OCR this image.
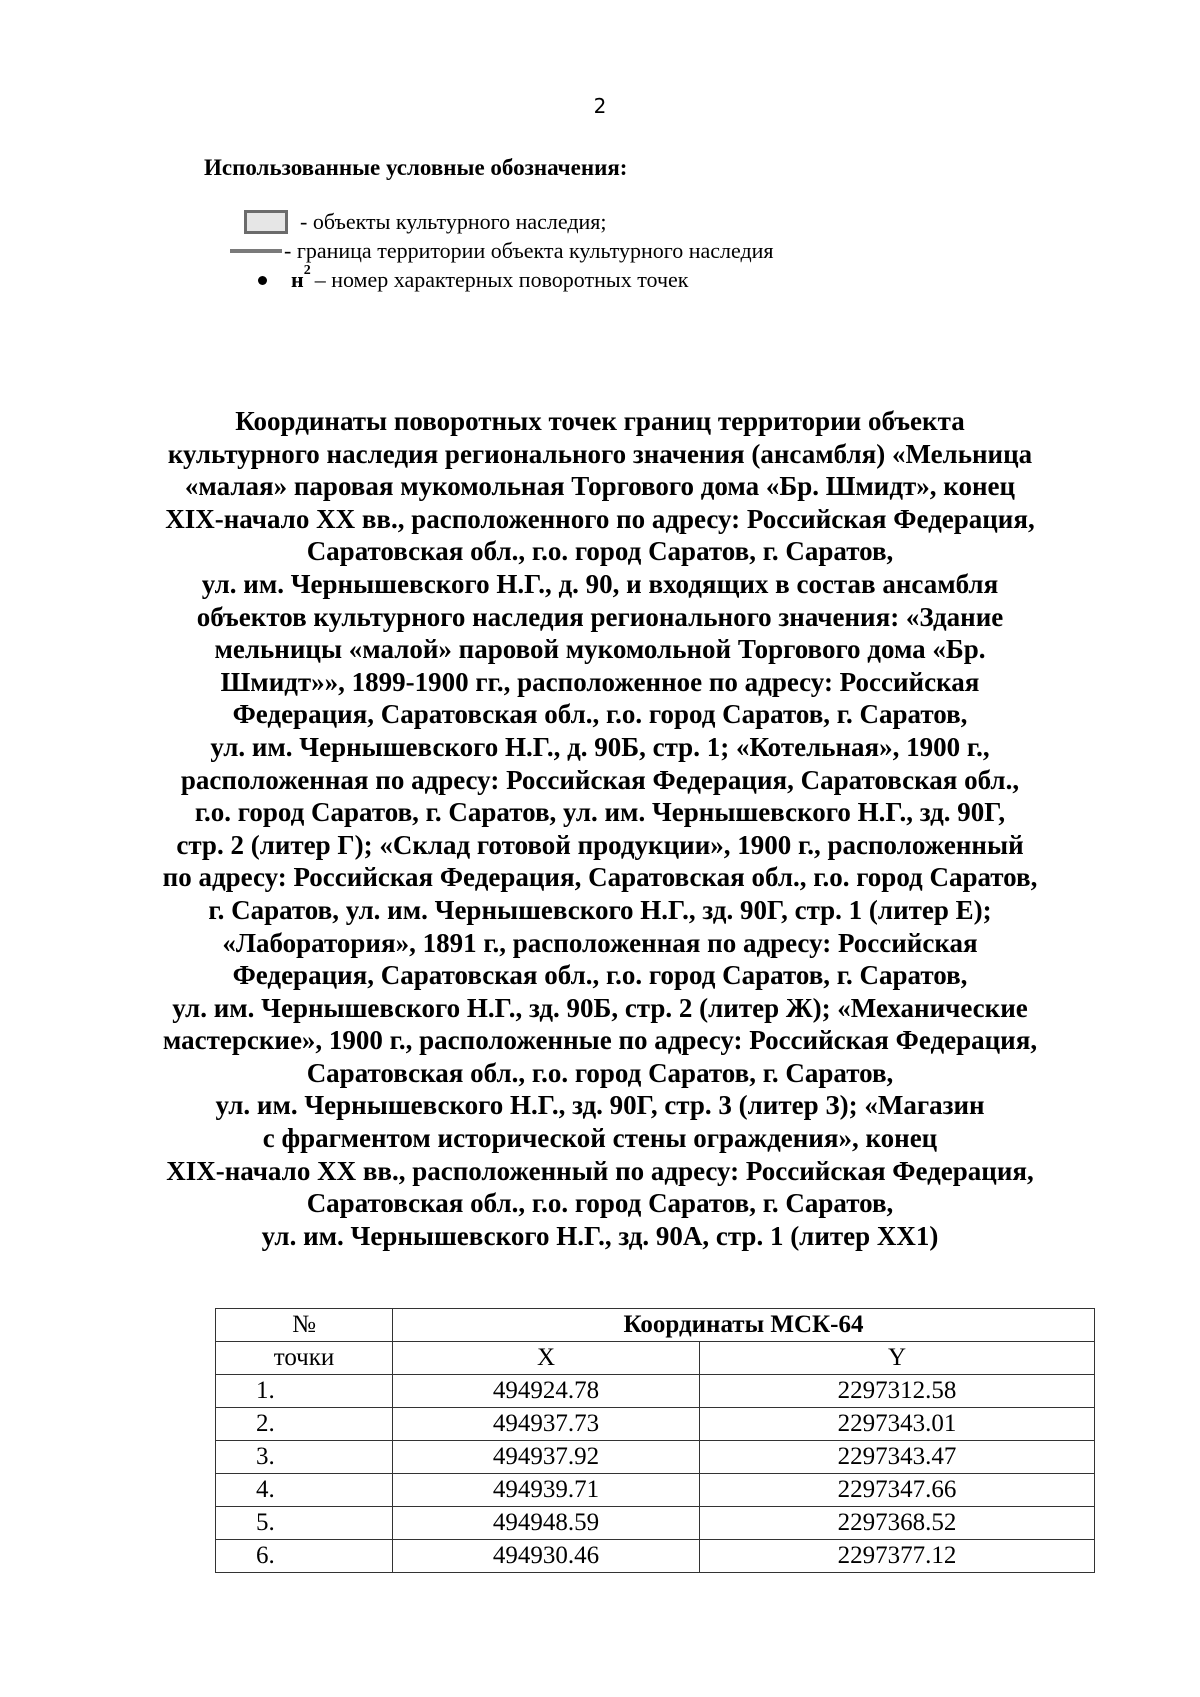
2
Использованные условные обозначения:
- объекты культурного наследия;
- граница территории объекта культурного наследия
$н^2$ – номер характерных поворотных точек
Координаты поворотных точек границ территории объекта
культурного наследия регионального значения (ансамбля) «Мельница
«малая» паровая мукомольная Торгового дома «Бр. Шмидт», конец
XIX-начало XX вв., расположенного по адресу: Российская Федерация,
Саратовская обл., г.о. город Саратов, г. Саратов,
ул. им. Чернышевского Н.Г., д. 90, и входящих в состав ансамбля
объектов культурного наследия регионального значения: «Здание
мельницы «малой» паровой мукомольной Торгового дома «Бр.
Шмидт»», 1899-1900 гг., расположенное по адресу: Российская
Федерация, Саратовская обл., г.о. город Саратов, г. Саратов,
ул. им. Чернышевского Н.Г., д. 90Б, стр. 1; «Котельная», 1900 г.,
расположенная по адресу: Российская Федерация, Саратовская обл.,
г.о. город Саратов, г. Саратов, ул. им. Чернышевского Н.Г., зд. 90Г,
стр. 2 (литер Г); «Склад готовой продукции», 1900 г., расположенный
по адресу: Российская Федерация, Саратовская обл., г.о. город Саратов,
г. Саратов, ул. им. Чернышевского Н.Г., зд. 90Г, стр. 1 (литер Е);
«Лаборатория», 1891 г., расположенная по адресу: Российская
Федерация, Саратовская обл., г.о. город Саратов, г. Саратов,
ул. им. Чернышевского Н.Г., зд. 90Б, стр. 2 (литер Ж); «Механические
мастерские», 1900 г., расположенные по адресу: Российская Федерация,
Саратовская обл., г.о. город Саратов, г. Саратов,
ул. им. Чернышевского Н.Г., зд. 90Г, стр. 3 (литер З); «Магазин
с фрагментом исторической стены ограждения», конец
XIX-начало XX вв., расположенный по адресу: Российская Федерация,
Саратовская обл., г.о. город Саратов, г. Саратов,
ул. им. Чернышевского Н.Г., зд. 90А, стр. 1 (литер XX1)
№	Координаты МСК-64	
точки	X	Y
1.	494924.78	2297312.58
2.	494937.73	2297343.01
3.	494937.92	2297343.47
4.	494939.71	2297347.66
5.	494948.59	2297368.52
6.	494930.46	2297377.12
